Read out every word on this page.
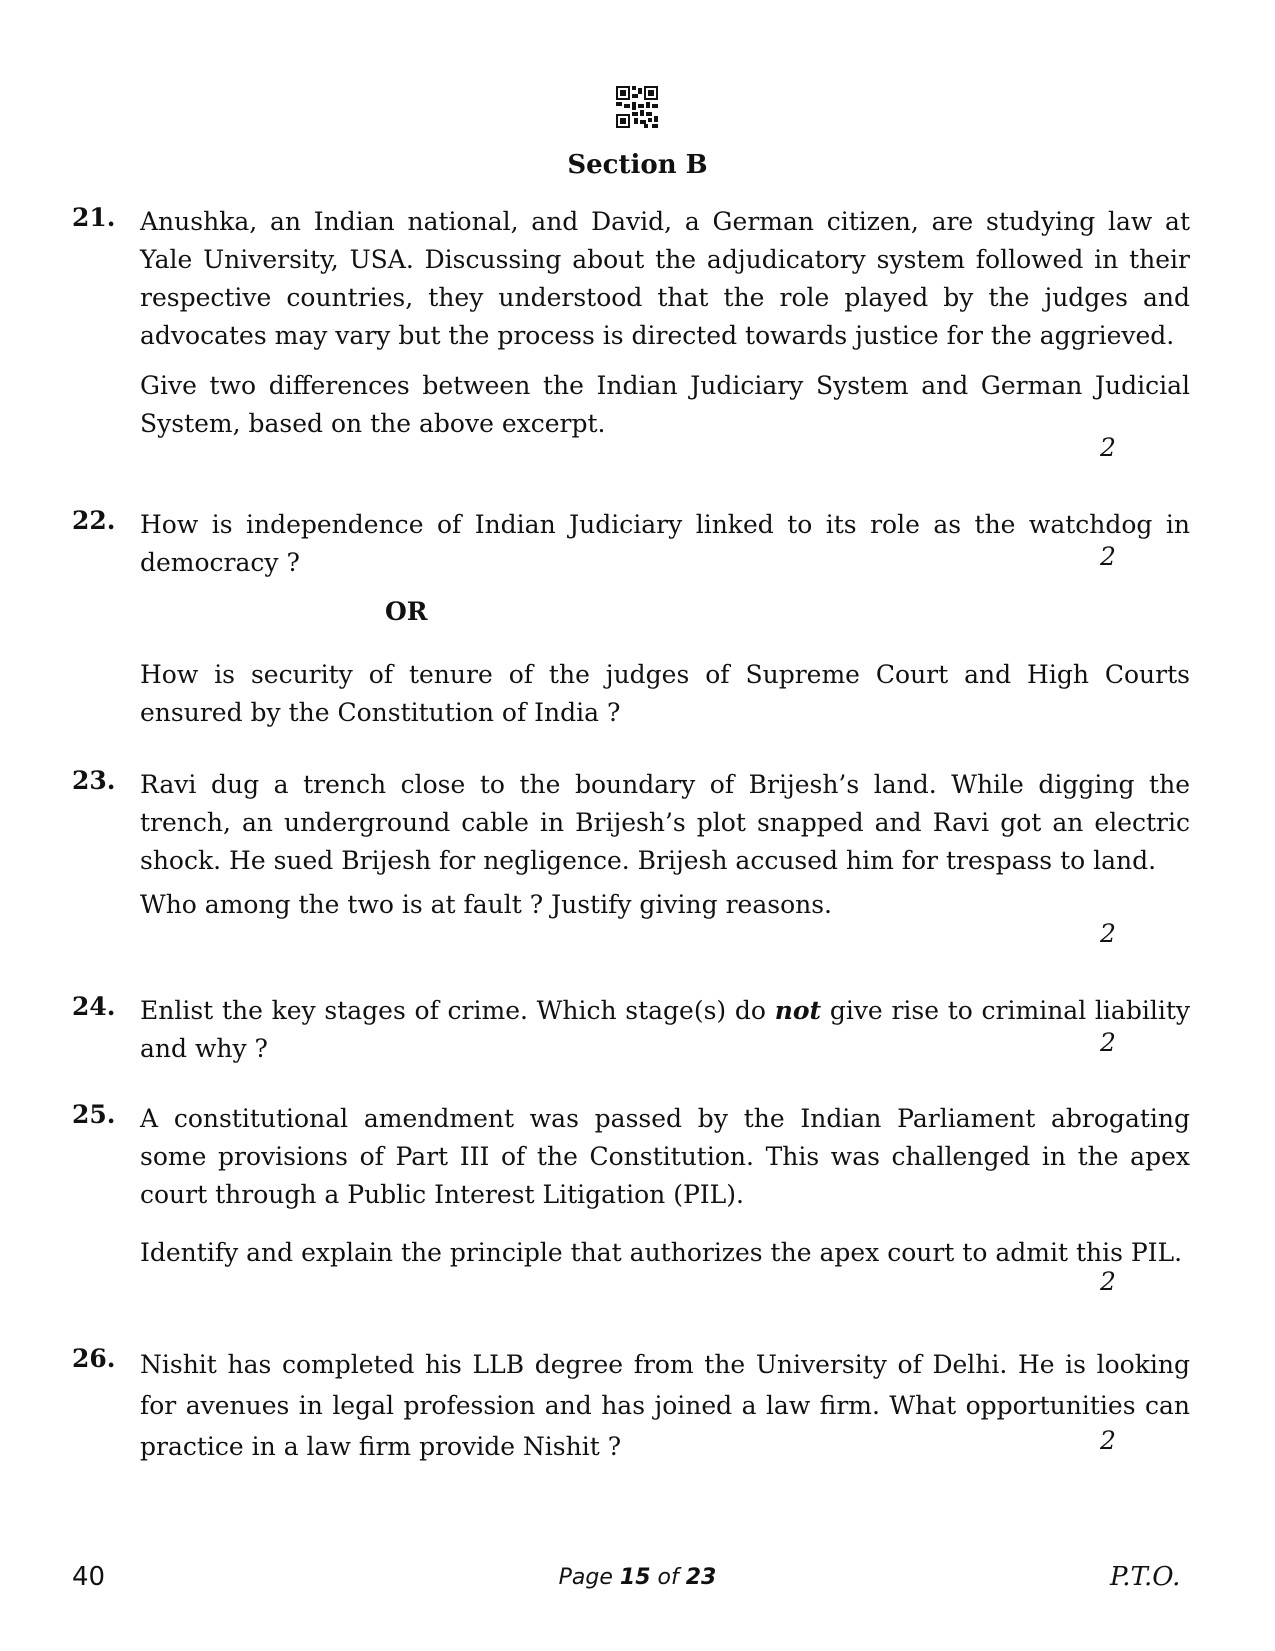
Section B
21. Anushka, an Indian national, and David, a German citizen, are studying law at Yale University, USA. Discussing about the adjudicatory system followed in their respective countries, they understood that the role played by the judges and advocates may vary but the process is directed towards justice for the aggrieved.

Give two differences between the Indian Judiciary System and German Judicial System, based on the above excerpt.

2
22. How is independence of Indian Judiciary linked to its role as the watchdog in democracy ?	2
OR

How is security of tenure of the judges of Supreme Court and High Courts ensured by the Constitution of India ?

23. Ravi dug a trench close to the boundary of Brijesh’s land. While digging the trench, an underground cable in Brijesh’s plot snapped and Ravi got an electric shock. He sued Brijesh for negligence. Brijesh accused him for trespass to land.

Who among the two is at fault ? Justify giving reasons.

2
24. Enlist the key stages of crime. Which stage(s) do not give rise to criminal liability and why ?	2
25. A constitutional amendment was passed by the Indian Parliament abrogating some provisions of Part III of the Constitution. This was challenged in the apex court through a Public Interest Litigation (PIL).

Identify and explain the principle that authorizes the apex court to admit this PIL.

2
26. Nishit has completed his LLB degree from the University of Delhi. He is looking for avenues in legal profession and has joined a law firm. What opportunities can practice in a law firm provide Nishit ?	2
40	Page 15 of 23	P.T.O.
